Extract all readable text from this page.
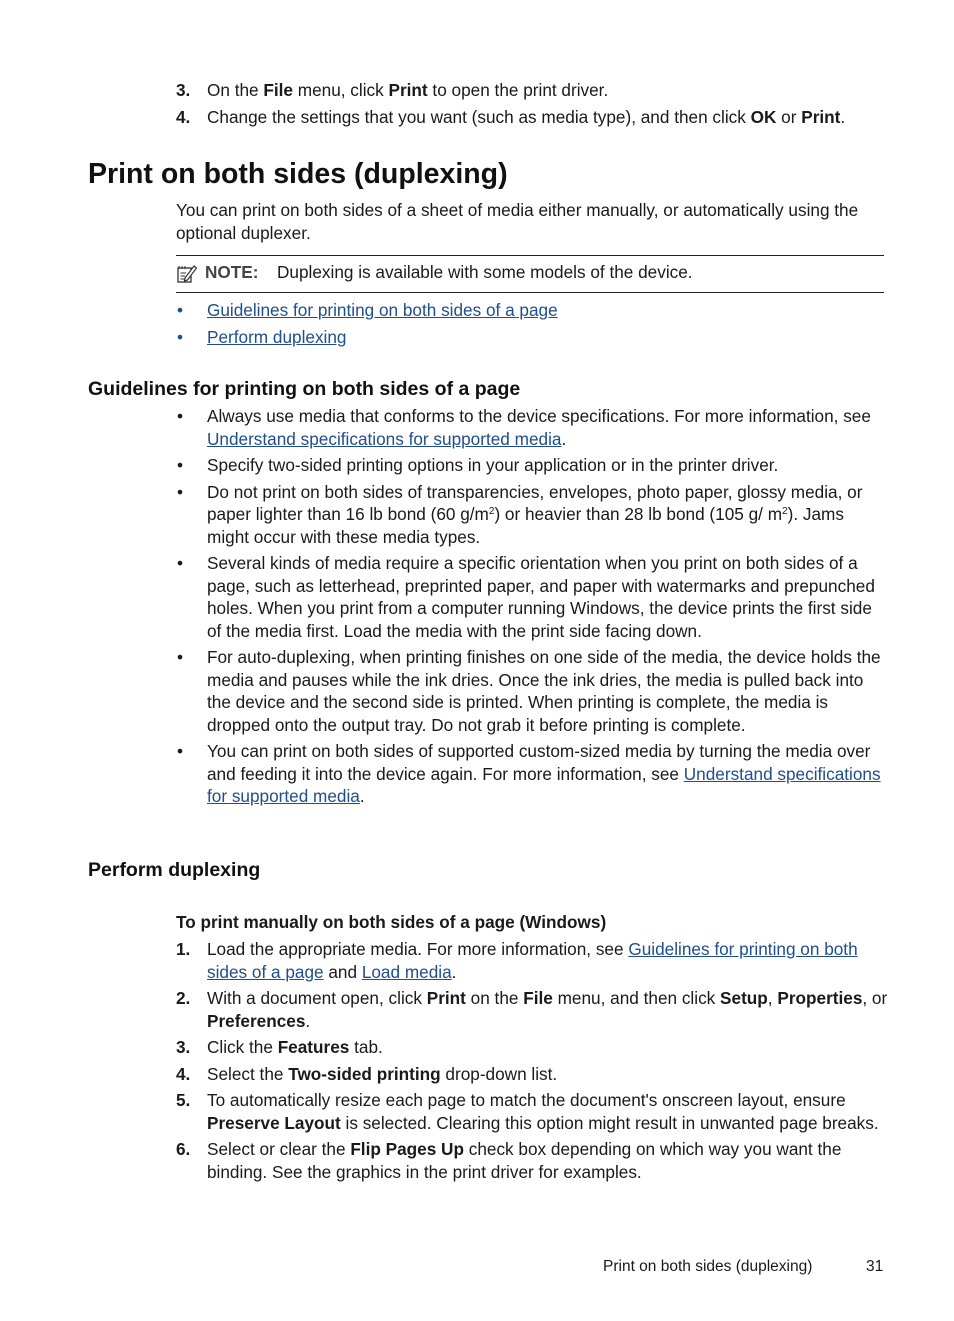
3. On the File menu, click Print to open the print driver.
4. Change the settings that you want (such as media type), and then click OK or Print.
Print on both sides (duplexing)

You can print on both sides of a sheet of media either manually, or automatically using the optional duplexer.

NOTE: Duplexing is available with some models of the device.
• Guidelines for printing on both sides of a page
• Perform duplexing
Guidelines for printing on both sides of a page
• Always use media that conforms to the device specifications. For more information, see Understand specifications for supported media.
• Specify two-sided printing options in your application or in the printer driver.
• Do not print on both sides of transparencies, envelopes, photo paper, glossy media, or paper lighter than 16 lb bond (60 $g/m^2$) or heavier than 28 lb bond (105 g/ $m^2$). Jams might occur with these media types.
• Several kinds of media require a specific orientation when you print on both sides of a page, such as letterhead, preprinted paper, and paper with watermarks and prepunched holes. When you print from a computer running Windows, the device prints the first side of the media first. Load the media with the print side facing down.
• For auto-duplexing, when printing finishes on one side of the media, the device holds the media and pauses while the ink dries. Once the ink dries, the media is pulled back into the device and the second side is printed. When printing is complete, the media is dropped onto the output tray. Do not grab it before printing is complete.
• You can print on both sides of supported custom-sized media by turning the media over and feeding it into the device again. For more information, see Understand specifications for supported media.
Perform duplexing

To print manually on both sides of a page (Windows)

1. Load the appropriate media. For more information, see Guidelines for printing on both sides of a page and Load media.
2. With a document open, click Print on the File menu, and then click Setup, Properties, or Preferences.
3. Click the Features tab.
4. Select the Two-sided printing drop-down list.
5. To automatically resize each page to match the document's onscreen layout, ensure Preserve Layout is selected. Clearing this option might result in unwanted page breaks.
6. Select or clear the Flip Pages Up check box depending on which way you want the binding. See the graphics in the print driver for examples.
Print on both sides (duplexing)	31
